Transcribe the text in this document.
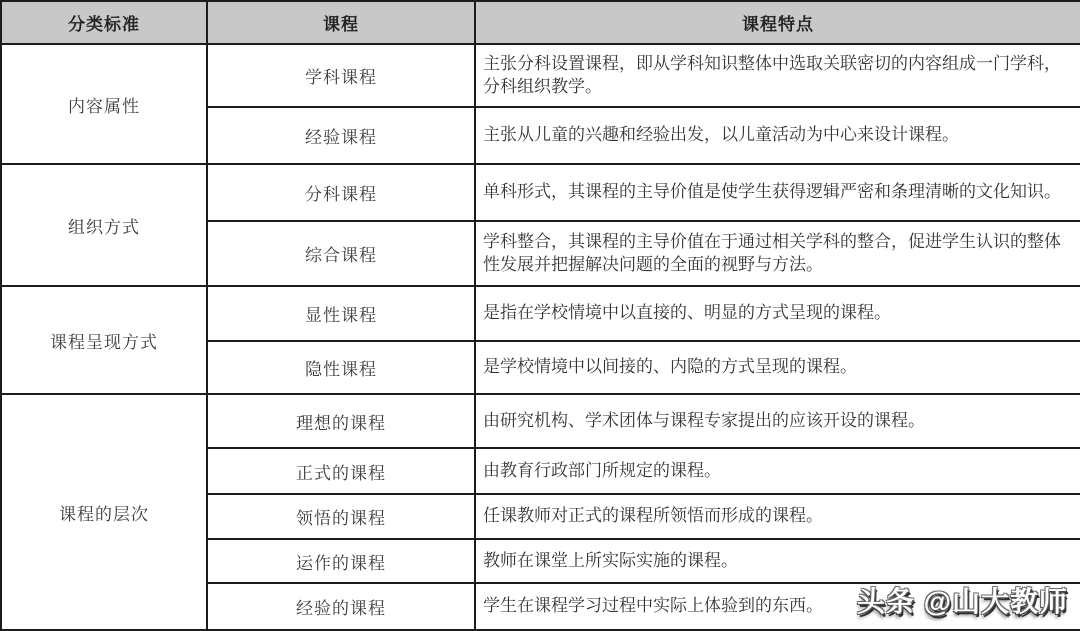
分类标准	课程	课程特点
内容属性	学科课程	主张分科设置课程，即从学科知识整体中选取关联密切的内容组成一门学科，分科组织教学。
	经验课程	主张从儿童的兴趣和经验出发，以儿童活动为中心来设计课程。
组织方式	分科课程	单科形式，其课程的主导价值是使学生获得逻辑严密和条理清晰的文化知识。
	综合课程	学科整合，其课程的主导价值在于通过相关学科的整合，促进学生认识的整体性发展并把握解决问题的全面的视野与方法。
课程呈现方式	显性课程	是指在学校情境中以直接的、明显的方式呈现的课程。
	隐性课程	是学校情境中以间接的、内隐的方式呈现的课程。
课程的层次	理想的课程	由研究机构、学术团体与课程专家提出的应该开设的课程。
	正式的课程	由教育行政部门所规定的课程。
	领悟的课程	任课教师对正式的课程所领悟而形成的课程。
	运作的课程	教师在课堂上所实际实施的课程。
	经验的课程	学生在课程学习过程中实际上体验到的东西。 头条 @山大教师
